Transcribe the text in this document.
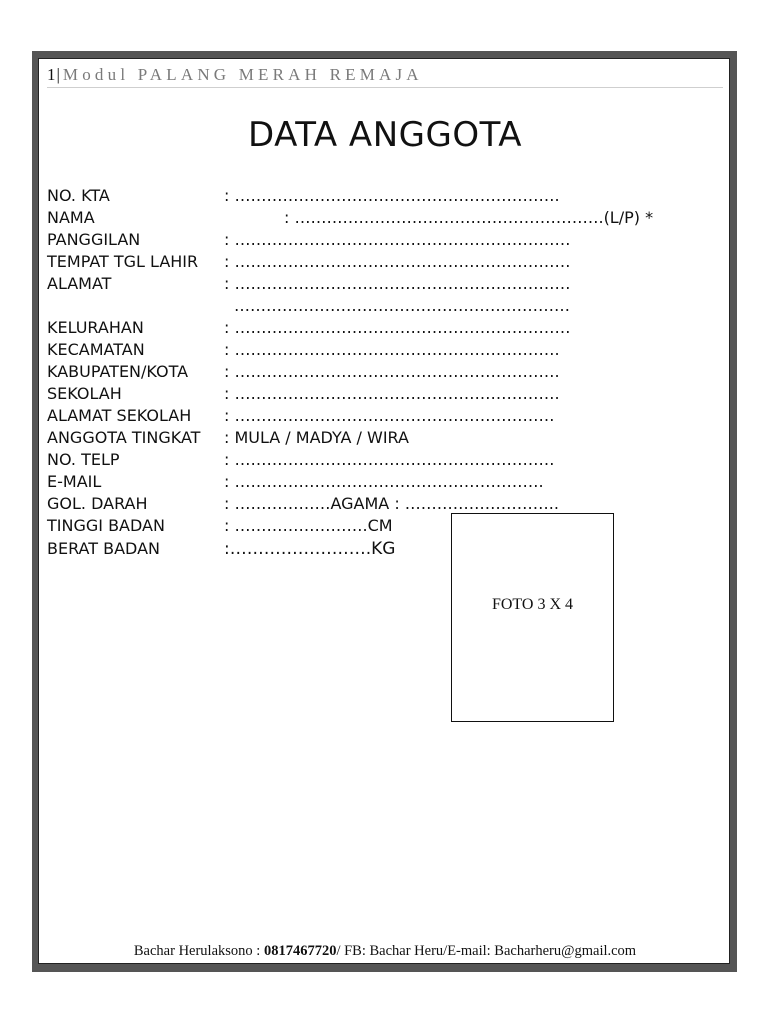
1| Modul PALANG MERAH REMAJA
DATA ANGGOTA
NO. KTA	: …………………………………………………….
NAMA	: ………………………………………………….(L/P) *
PANGGILAN	: ………………………………………………………
TEMPAT TGL LAHIR : ………………………………………………………
ALAMAT	: ………………………………………………………
………………………………………………………
KELURAHAN	: ………………………………………………………
KECAMATAN	: …………………………………………………….
KABUPATEN/KOTA : …………………………………………………….
SEKOLAH	: …………………………………………………….
ALAMAT SEKOLAH : ……………………………………………………
ANGGOTA TINGKAT : MULA / MADYA / WIRA
NO. TELP	: ……………………………………………………
E-MAIL	: ………………………………………………….
GOL. DARAH	: ………………AGAMA : ………………………..
TINGGI BADAN	: …………………….CM
BERAT BADAN	:…………………….KG
FOTO 3 X 4
Bachar Herulaksono : 0817467720/ FB: Bachar Heru/E-mail: Bacharheru@gmail.com
